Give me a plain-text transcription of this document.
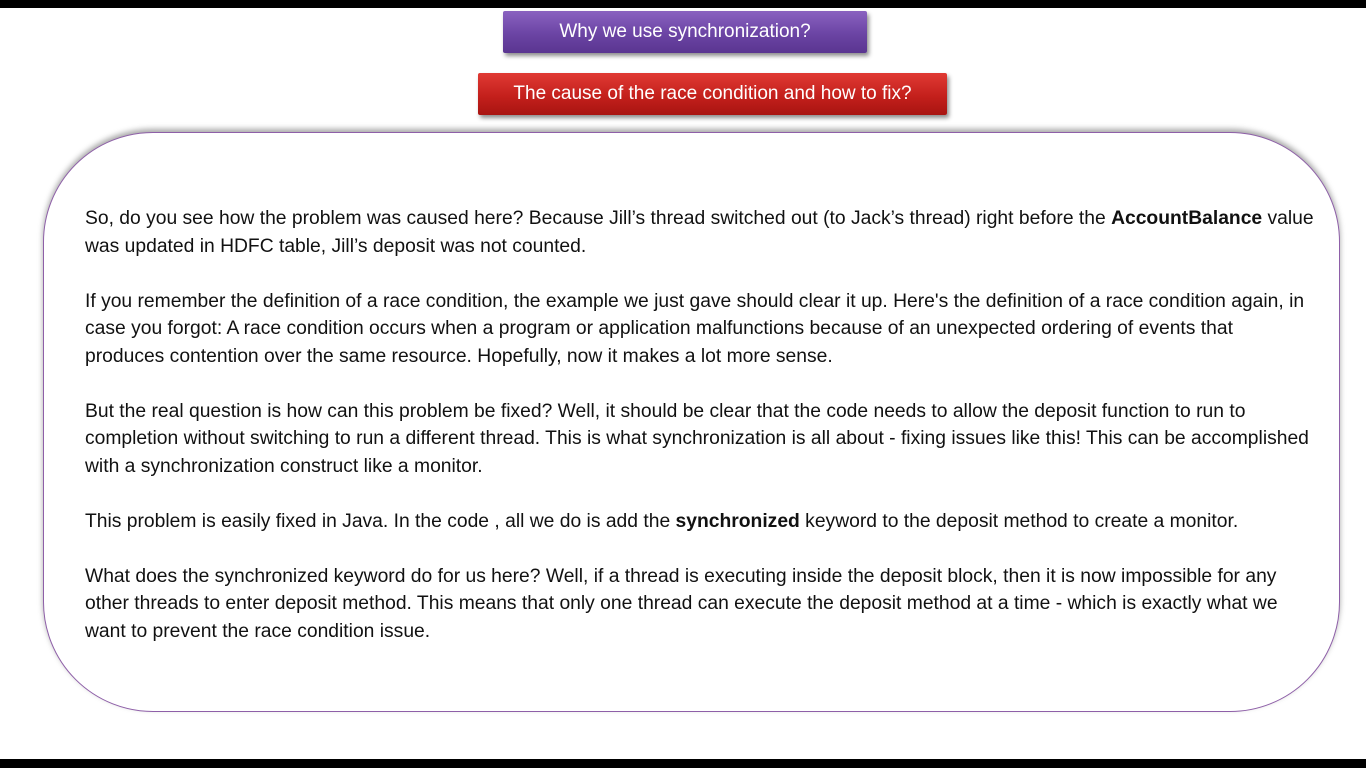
Why we use synchronization?
The cause of the race condition and how to fix?

So, do you see how the problem was caused here? Because Jill’s thread switched out (to Jack’s thread) right before the AccountBalance value was updated in HDFC table, Jill’s deposit was not counted.

If you remember the definition of a race condition, the example we just gave should clear it up. Here's the definition of a race condition again, in case you forgot: A race condition occurs when a program or application malfunctions because of an unexpected ordering of events that produces contention over the same resource. Hopefully, now it makes a lot more sense.

But the real question is how can this problem be fixed? Well, it should be clear that the code needs to allow the deposit function to run to completion without switching to run a different thread. This is what synchronization is all about - fixing issues like this! This can be accomplished with a synchronization construct like a monitor.

This problem is easily fixed in Java. In the code , all we do is add the synchronized keyword to the deposit method to create a monitor.

What does the synchronized keyword do for us here? Well, if a thread is executing inside the deposit block, then it is now impossible for any other threads to enter deposit method. This means that only one thread can execute the deposit method at a time - which is exactly what we want to prevent the race condition issue.
